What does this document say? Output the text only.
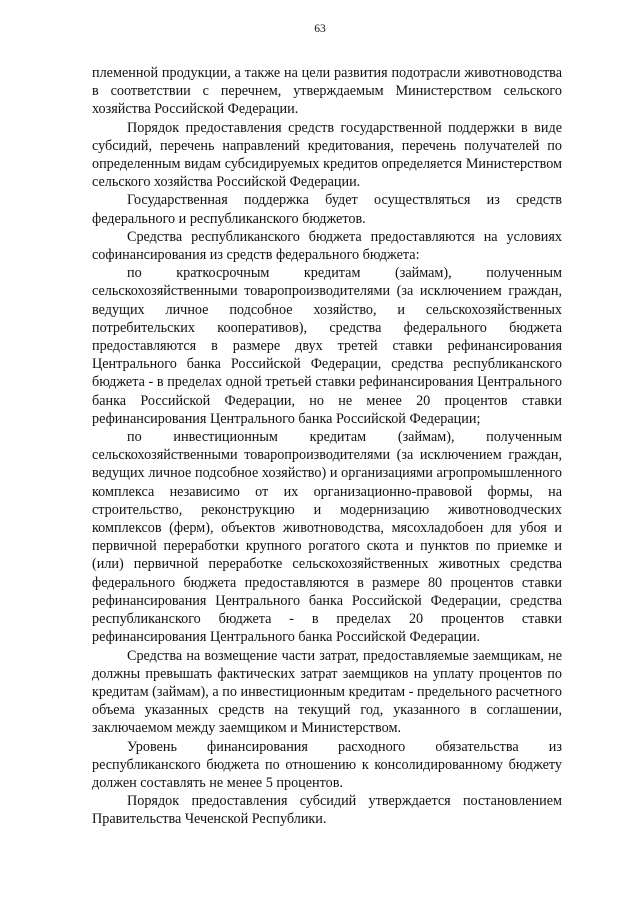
63

племенной продукции, а также на цели развития подотрасли животноводства в соответствии с перечнем, утверждаемым Министерством сельского хозяйства Российской Федерации.

Порядок предоставления средств государственной поддержки в виде субсидий, перечень направлений кредитования, перечень получателей по определенным видам субсидируемых кредитов определяется Министерством сельского хозяйства Российской Федерации.

Государственная поддержка будет осуществляться из средств федерального и республиканского бюджетов.

Средства республиканского бюджета предоставляются на условиях софинансирования из средств федерального бюджета:

по краткосрочным кредитам (займам), полученным сельскохозяйственными товаропроизводителями (за исключением граждан, ведущих личное подсобное хозяйство, и сельскохозяйственных потребительских кооперативов), средства федерального бюджета предоставляются в размере двух третей ставки рефинансирования Центрального банка Российской Федерации, средства республиканского бюджета - в пределах одной третьей ставки рефинансирования Центрального банка Российской Федерации, но не менее 20 процентов ставки рефинансирования Центрального банка Российской Федерации;

по инвестиционным кредитам (займам), полученным сельскохозяйственными товаропроизводителями (за исключением граждан, ведущих личное подсобное хозяйство) и организациями агропромышленного комплекса независимо от их организационно-правовой формы, на строительство, реконструкцию и модернизацию животноводческих комплексов (ферм), объектов животноводства, мясохладобоен для убоя и первичной переработки крупного рогатого скота и пунктов по приемке и (или) первичной переработке сельскохозяйственных животных средства федерального бюджета предоставляются в размере 80 процентов ставки рефинансирования Центрального банка Российской Федерации, средства республиканского бюджета - в пределах 20 процентов ставки рефинансирования Центрального банка Российской Федерации.

Средства на возмещение части затрат, предоставляемые заемщикам, не должны превышать фактических затрат заемщиков на уплату процентов по кредитам (займам), а по инвестиционным кредитам - предельного расчетного объема указанных средств на текущий год, указанного в соглашении, заключаемом между заемщиком и Министерством.

Уровень финансирования расходного обязательства из республиканского бюджета по отношению к консолидированному бюджету должен составлять не менее 5 процентов.

Порядок предоставления субсидий утверждается постановлением Правительства Чеченской Республики.
